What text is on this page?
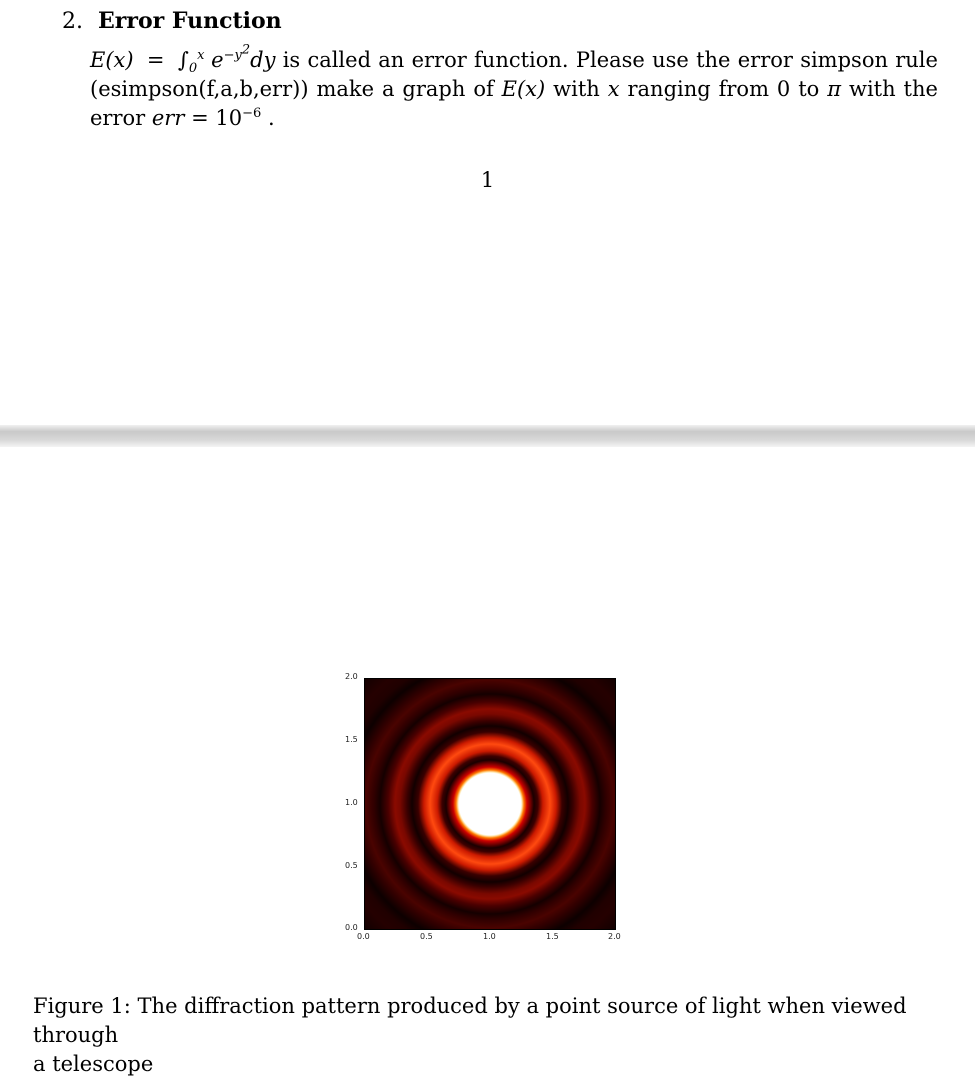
2. Error Function
$E(x) = \int_0^x$ $e^{-y^2}dy$ is called an error function. Please use the error simpson rule
(esimpson(f,a,b,err)) make a graph of E(x) with x ranging from 0 to π with the
error err = $10^{-6}$ .
1
2.0
1.5
1.0
0.5
0.0
0.0	0.5	1.0	1.5	2.0
Figure 1: The diffraction pattern produced by a point source of light when viewed through
a telescope
